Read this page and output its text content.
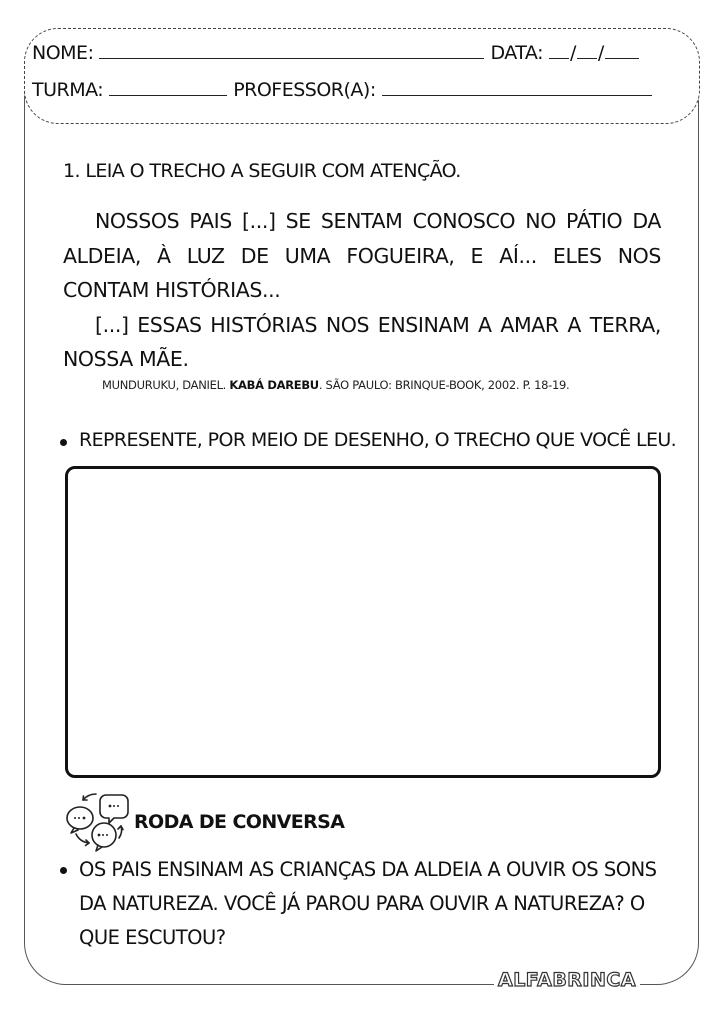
NOME:	DATA: / /
TURMA:	PROFESSOR(A):
1. LEIA O TRECHO A SEGUIR COM ATENÇÃO.

NOSSOS PAIS [...] SE SENTAM CONOSCO NO PÁTIO DA ALDEIA, À LUZ DE UMA FOGUEIRA, E AÍ... ELES NOS CONTAM HISTÓRIAS...

[...] ESSAS HISTÓRIAS NOS ENSINAM A AMAR A TERRA, NOSSA MÃE.

MUNDURUKU, DANIEL. KABÁ DAREBU. SÃO PAULO: BRINQUE-BOOK, 2002. P. 18-19.
REPRESENTE, POR MEIO DE DESENHO, O TRECHO QUE VOCÊ LEU.
RODA DE CONVERSA
OS PAIS ENSINAM AS CRIANÇAS DA ALDEIA A OUVIR OS SONS DA NATUREZA. VOCÊ JÁ PAROU PARA OUVIR A NATUREZA? O QUE ESCUTOU?
ALFABRINCA
